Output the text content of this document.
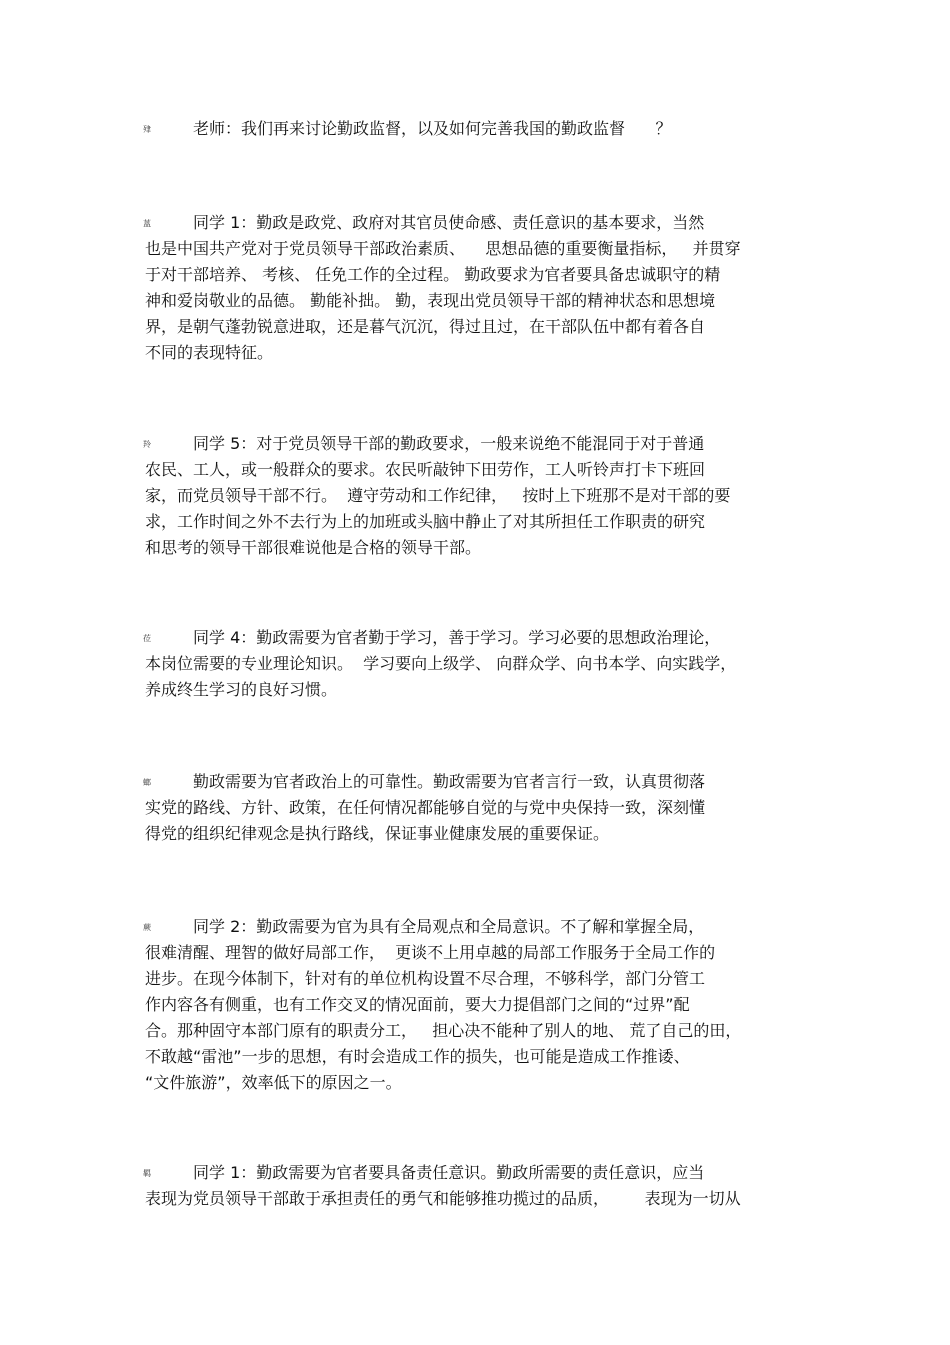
肂	老师：我们再来讨论勤政监督，以及如何完善我国的勤政监督      ？
蒕	同学 1：勤政是政党、政府对其官员使命感、责任意识的基本要求，当然
也是中国共产党对于党员领导干部政治素质、    思想品德的重要衡量指标，   并贯穿
于对干部培养、 考核、 任免工作的全过程。 勤政要求为官者要具备忠诚职守的精
神和爱岗敬业的品德。 勤能补拙。 勤，表现出党员领导干部的精神状态和思想境
界，是朝气蓬勃锐意进取，还是暮气沉沉，得过且过，在干部队伍中都有着各自
不同的表现特征。
羚	同学 5：对于党员领导干部的勤政要求，一般来说绝不能混同于对于普通
农民、工人，或一般群众的要求。农民听敲钟下田劳作，工人听铃声打卡下班回
家，而党员领导干部不行。  遵守劳动和工作纪律，   按时上下班那不是对干部的要
求，工作时间之外不去行为上的加班或头脑中静止了对其所担任工作职责的研究
和思考的领导干部很难说他是合格的领导干部。
莅	同学 4：勤政需要为官者勤于学习，善于学习。学习必要的思想政治理论，
本岗位需要的专业理论知识。  学习要向上级学、 向群众学、向书本学、向实践学，
养成终生学习的良好习惯。
螂	勤政需要为官者政治上的可靠性。勤政需要为官者言行一致，认真贯彻落
实党的路线、方针、政策，在任何情况都能够自觉的与党中央保持一致，深刻懂
得党的组织纪律观念是执行路线，保证事业健康发展的重要保证。
蕨	同学 2：勤政需要为官为具有全局观点和全局意识。不了解和掌握全局，
很难清醒、理智的做好局部工作，  更谈不上用卓越的局部工作服务于全局工作的
进步。在现今体制下，针对有的单位机构设置不尽合理，不够科学，部门分管工
作内容各有侧重，也有工作交叉的情况面前，要大力提倡部门之间的“过界”配
合。那种固守本部门原有的职责分工，   担心决不能种了别人的地、 荒了自己的田，
不敢越“雷池”一步的思想，有时会造成工作的损失，也可能是造成工作推诿、
“文件旅游”，效率低下的原因之一。
羁	同学 1：勤政需要为官者要具备责任意识。勤政所需要的责任意识，应当
表现为党员领导干部敢于承担责任的勇气和能够推功揽过的品质，       表现为一切从
